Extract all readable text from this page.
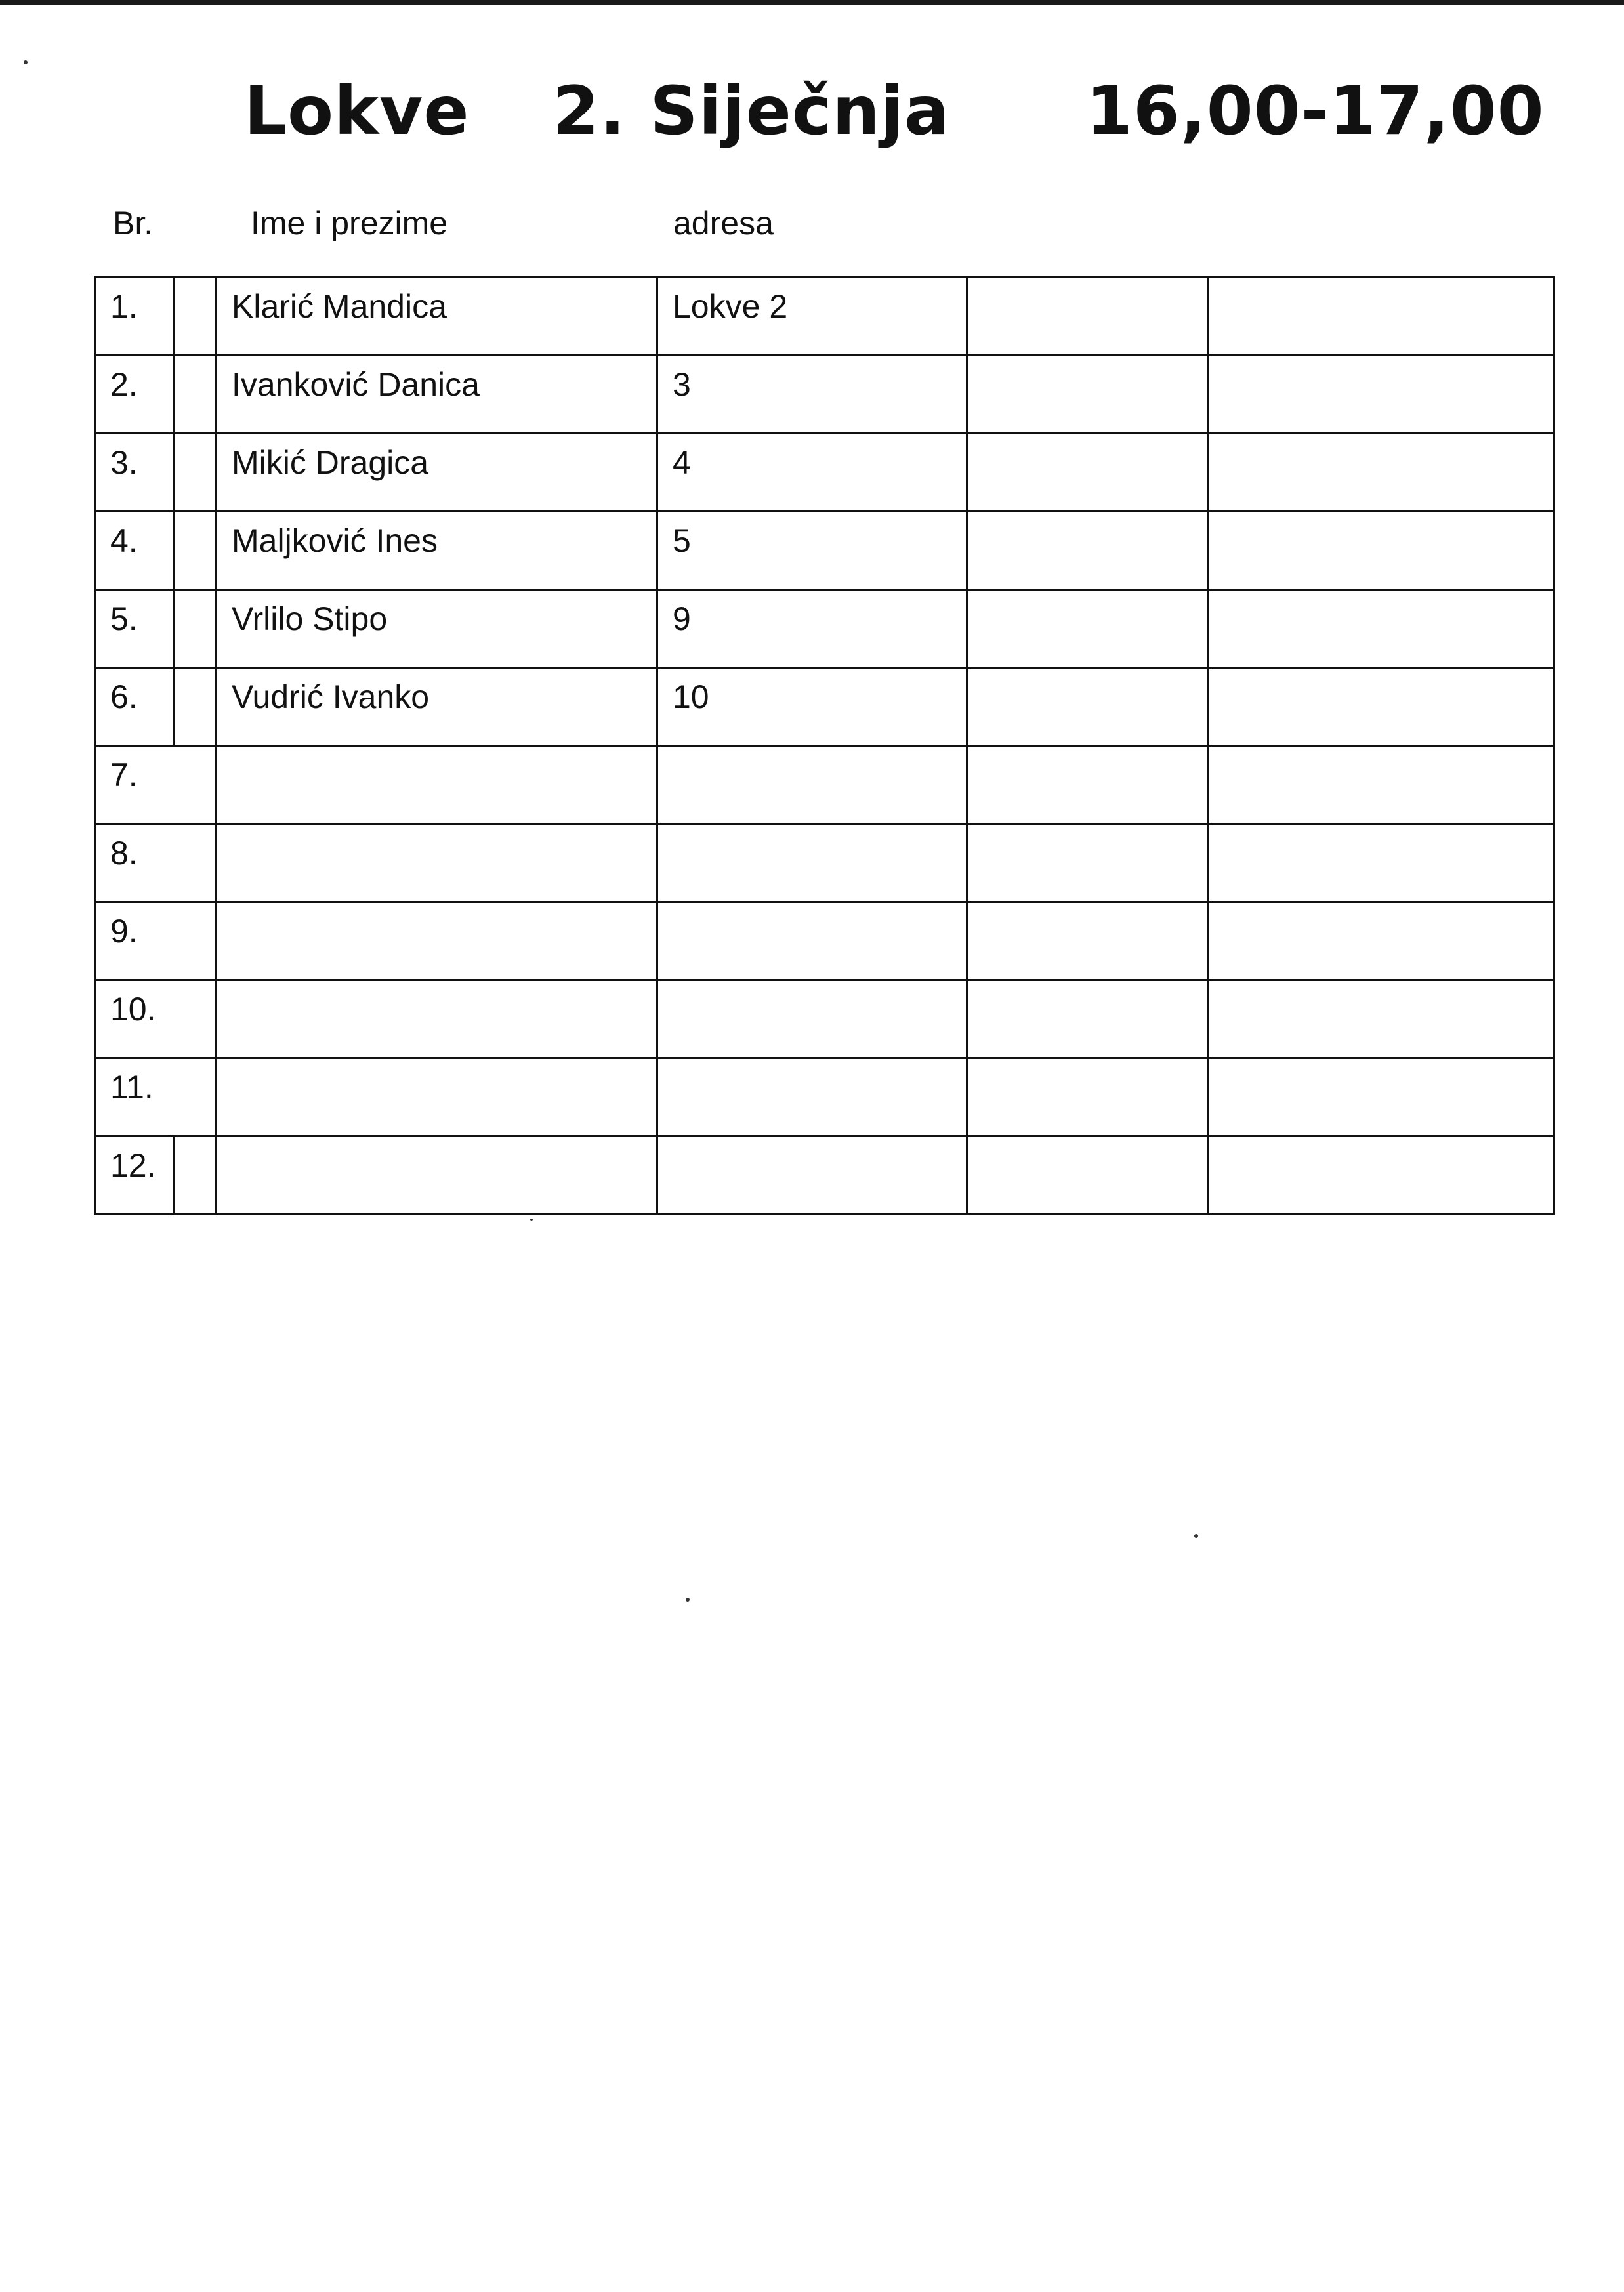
Lokve 2. Siječnja 16,00-17,00
Br.	Ime i prezime	adresa
1.		Klarić Mandica	Lokve 2		
2.		Ivanković Danica	3		
3.		Mikić Dragica	4		
4.		Maljković Ines	5		
5.		Vrlilo Stipo	9		
6.		Vudrić Ivanko	10		
7.					
8.					
9.					
10.					
11.					
12.					
